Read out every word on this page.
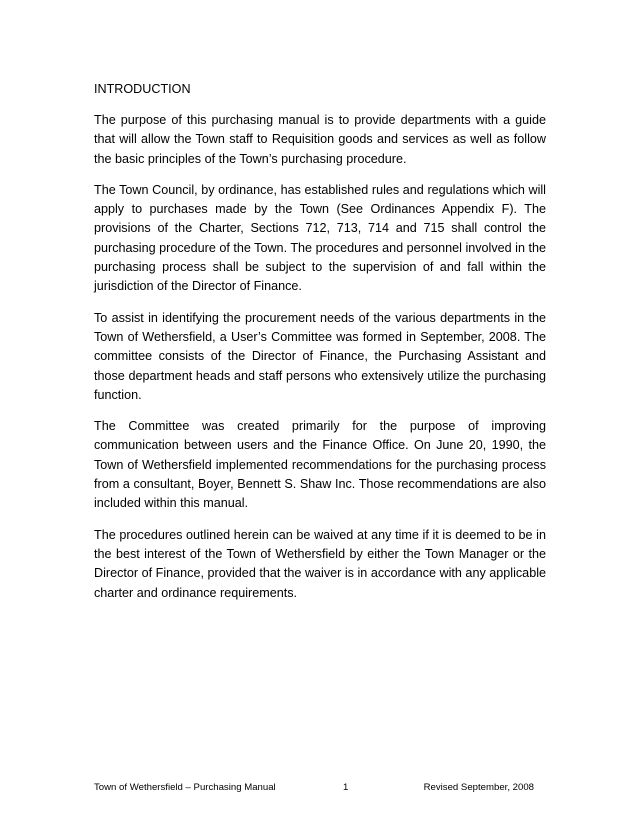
INTRODUCTION

The purpose of this purchasing manual is to provide departments with a guide that will allow the Town staff to Requisition goods and services as well as follow the basic principles of the Town’s purchasing procedure.

The Town Council, by ordinance, has established rules and regulations which will apply to purchases made by the Town (See Ordinances Appendix F). The provisions of the Charter, Sections 712, 713, 714 and 715 shall control the purchasing procedure of the Town. The procedures and personnel involved in the purchasing process shall be subject to the supervision of and fall within the jurisdiction of the Director of Finance.

To assist in identifying the procurement needs of the various departments in the Town of Wethersfield, a User’s Committee was formed in September, 2008. The committee consists of the Director of Finance, the Purchasing Assistant and those department heads and staff persons who extensively utilize the purchasing function.

The Committee was created primarily for the purpose of improving communication between users and the Finance Office. On June 20, 1990, the Town of Wethersfield implemented recommendations for the purchasing process from a consultant, Boyer, Bennett S. Shaw Inc. Those recommendations are also included within this manual.

The procedures outlined herein can be waived at any time if it is deemed to be in the best interest of the Town of Wethersfield by either the Town Manager or the Director of Finance, provided that the waiver is in accordance with any applicable charter and ordinance requirements.

Town of Wethersfield – Purchasing Manual	1	Revised September, 2008
